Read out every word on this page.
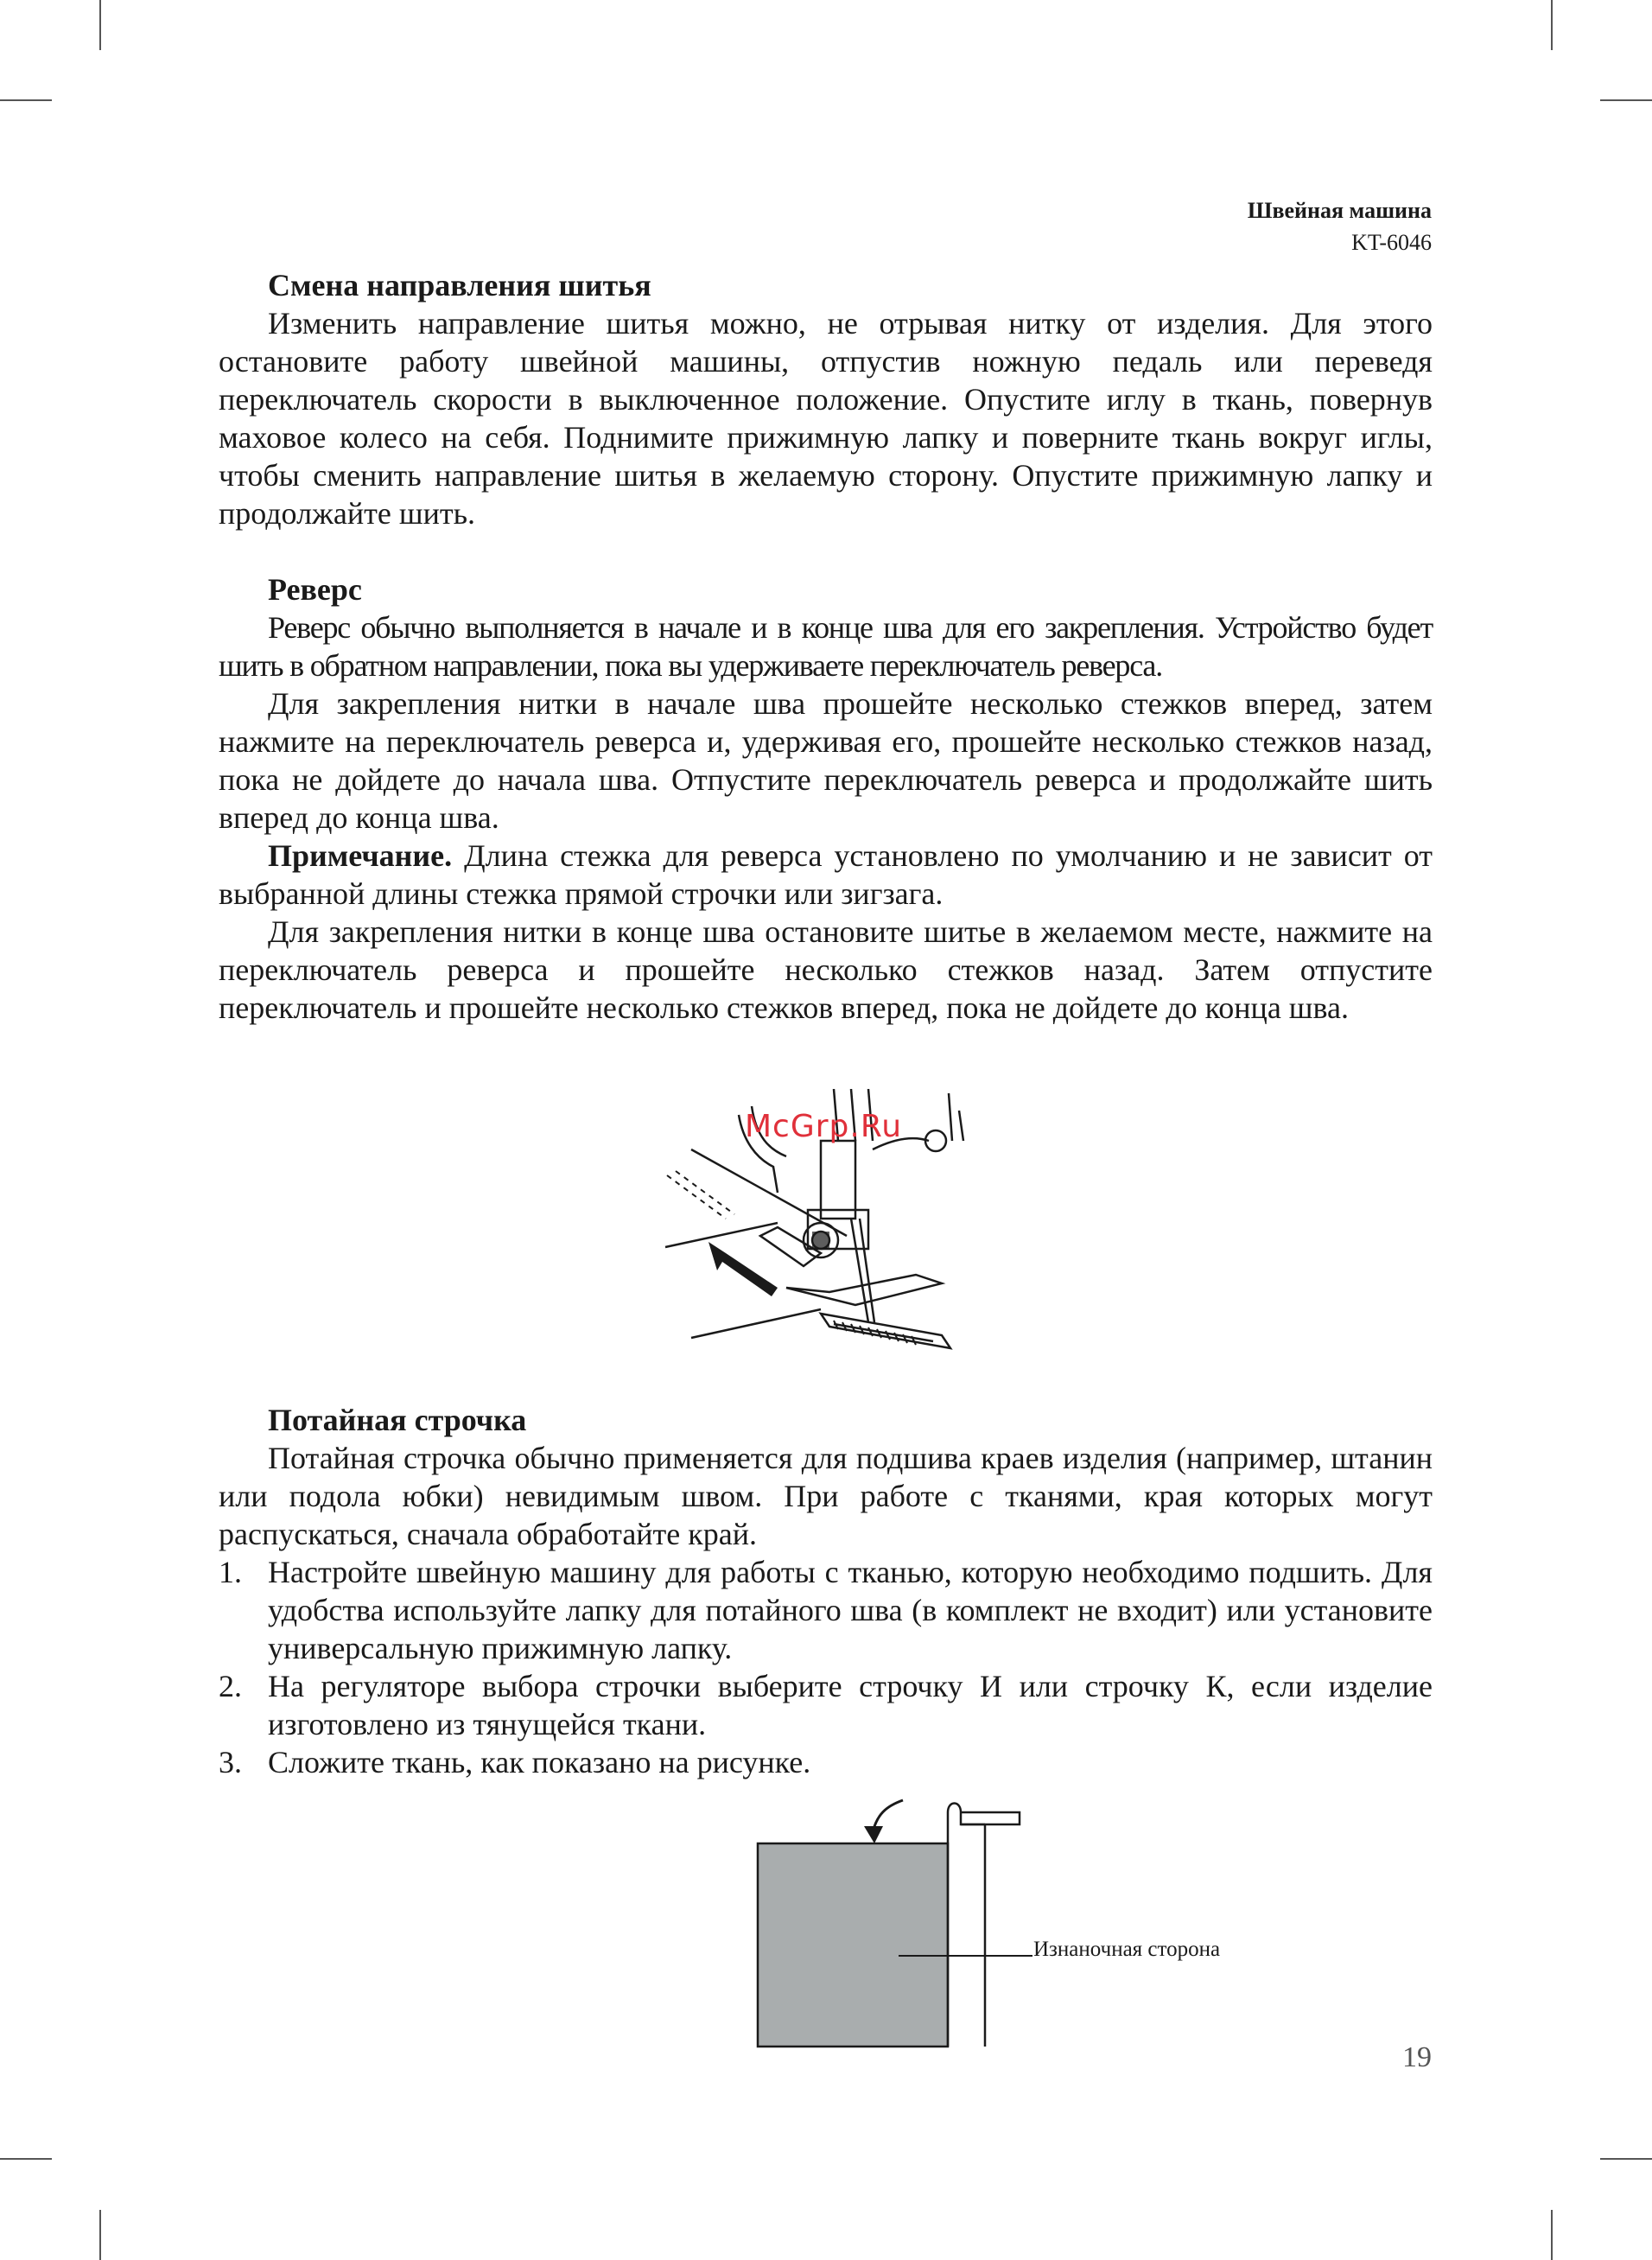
Швейная машина
KT-6046

Смена направления шитья

Изменить направление шитья можно, не отрывая нитку от изделия. Для этого остановите работу швейной машины, отпустив ножную педаль или переведя переключатель скорости в выключенное положение. Опустите иглу в ткань, повернув маховое колесо на себя. Поднимите прижимную лапку и поверните ткань вокруг иглы, чтобы сменить направление шитья в желаемую сторону. Опустите прижимную лапку и продолжайте шить.

Реверс

Реверс обычно выполняется в начале и в конце шва для его закрепления. Устройство будет шить в обратном направлении, пока вы удерживаете переключатель реверса.

Для закрепления нитки в начале шва прошейте несколько стежков вперед, затем нажмите на переключатель реверса и, удерживая его, прошейте несколько стежков назад, пока не дойдете до начала шва. Отпустите переключатель реверса и продолжайте шить вперед до конца шва.

Примечание. Длина стежка для реверса установлено по умолчанию и не зависит от выбранной длины стежка прямой строчки или зигзага.

Для закрепления нитки в конце шва остановите шитье в желаемом месте, нажмите на переключатель реверса и прошейте несколько стежков назад. Затем отпустите переключатель и прошейте несколько стежков вперед, пока не дойдете до конца шва.

McGrp.Ru

Потайная строчка

Потайная строчка обычно применяется для подшива краев изделия (например, штанин или подола юбки) невидимым швом. При работе с тканями, края которых могут распускаться, сначала обработайте край.

1. Настройте швейную машину для работы с тканью, которую необходимо подшить. Для удобства используйте лапку для потайного шва (в комплект не входит) или установите универсальную прижимную лапку.
2. На регуляторе выбора строчки выберите строчку И или строчку К, если изделие изготовлено из тянущейся ткани.
3. Сложите ткань, как показано на рисунке.
Изнаночная сторона
19
